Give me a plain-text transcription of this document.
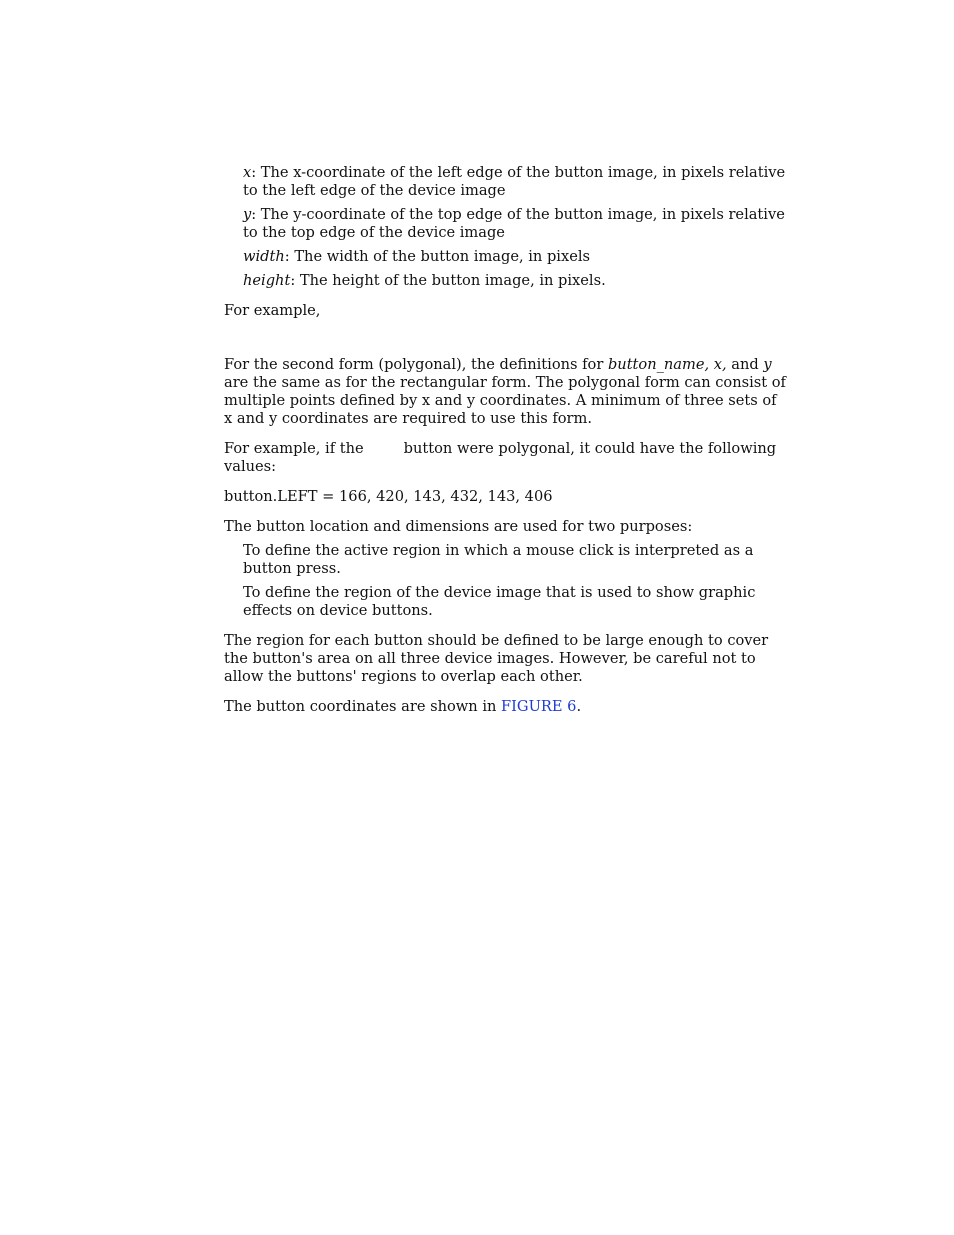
x: The x-coordinate of the left edge of the button image, in pixels relative to the left edge of the device image
y: The y-coordinate of the top edge of the button image, in pixels relative to the top edge of the device image
width: The width of the button image, in pixels
height: The height of the button image, in pixels.
For example,
For the second form (polygonal), the definitions for button_name, x, and y are the same as for the rectangular form. The polygonal form can consist of multiple points defined by x and y coordinates. A minimum of three sets of x and y coordinates are required to use this form.
For example, if the	button were polygonal, it could have the following values:
button.LEFT = 166, 420, 143, 432, 143, 406
The button location and dimensions are used for two purposes:
To define the active region in which a mouse click is interpreted as a button press.
To define the region of the device image that is used to show graphic effects on device buttons.
The region for each button should be defined to be large enough to cover the button's area on all three device images. However, be careful not to allow the buttons' regions to overlap each other.
The button coordinates are shown in FIGURE 6.
